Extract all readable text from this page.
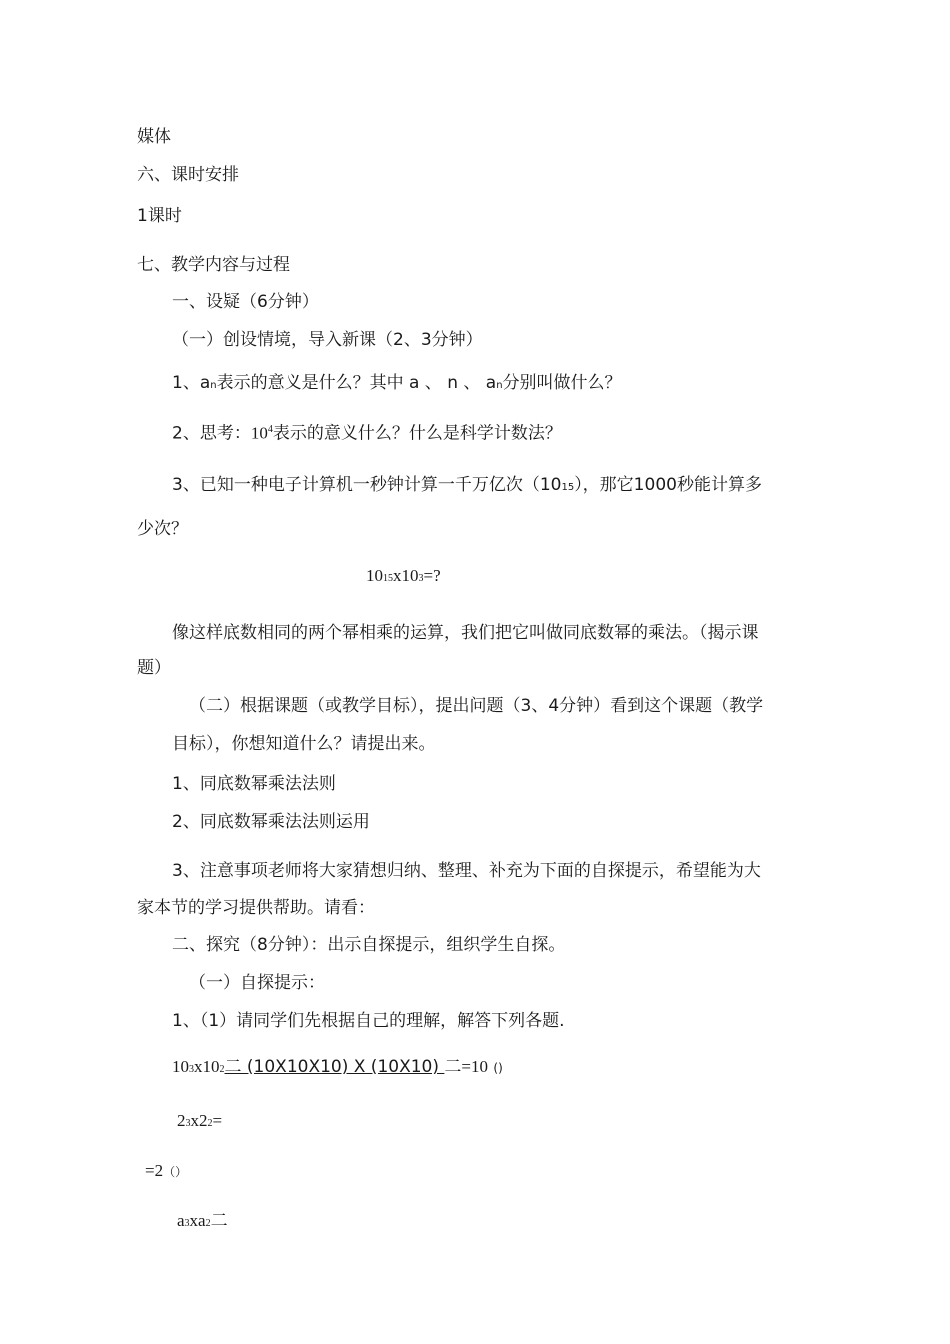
媒体
六、课时安排
1课时
七、教学内容与过程
一、设疑（6分钟）
（一）创设情境，导入新课（2、3分钟）
1、an表示的意义是什么？其中 a 、 n 、 an分别叫做什么？
2、思考：$10^4$表示的意义什么？什么是科学计数法？
3、已知一种电子计算机一秒钟计算一千万亿次（1015），那它1000秒能计算多
少次？
1015x103=?
像这样底数相同的两个幂相乘的运算，我们把它叫做同底数幂的乘法。（揭示课
题）
（二）根据课题（或教学目标），提出问题（3、4分钟）看到这个课题（教学
目标），你想知道什么？请提出来。
1、同底数幂乘法法则
2、同底数幂乘法法则运用
3、注意事项老师将大家猜想归纳、整理、补充为下面的自探提示，希望能为大
家本节的学习提供帮助。请看：
二、探究（8分钟）：出示自探提示，组织学生自探。
（一）自探提示：
1、（1）请同学们先根据自己的理解，解答下列各题.
103x102二 (10X10X10) X (10X10) 二=10 ()
23x22=
=2（）
a3xa2二
